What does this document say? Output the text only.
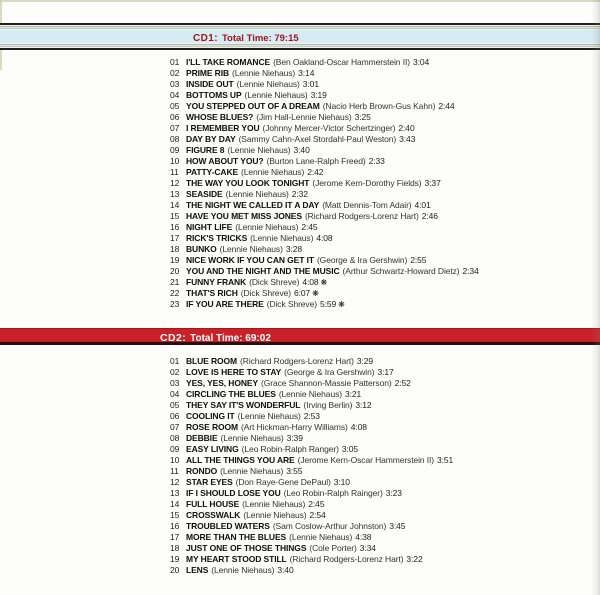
CD1: Total Time: 79:15
01 I'LL TAKE ROMANCE (Ben Oakland-Oscar Hammerstein II) 3:04
02 PRIME RIB (Lennie Niehaus) 3:14
03 INSIDE OUT (Lennie Niehaus) 3:01
04 BOTTOMS UP (Lennie Niehaus) 3:19
05 YOU STEPPED OUT OF A DREAM (Nacio Herb Brown-Gus Kahn) 2:44
06 WHOSE BLUES? (Jim Hall-Lennie Niehaus) 3:25
07 I REMEMBER YOU (Johnny Mercer-Victor Schertzinger) 2:40
08 DAY BY DAY (Sammy Cahn-Axel Stordahl-Paul Weston) 3:43
09 FIGURE 8 (Lennie Niehaus) 3:40
10 HOW ABOUT YOU? (Burton Lane-Ralph Freed) 2:33
11 PATTY-CAKE (Lennie Niehaus) 2:42
12 THE WAY YOU LOOK TONIGHT (Jerome Kern-Dorothy Fields) 3:37
13 SEASIDE (Lennie Niehaus) 2:32
14 THE NIGHT WE CALLED IT A DAY (Matt Dennis-Tom Adair) 4:01
15 HAVE YOU MET MISS JONES (Richard Rodgers-Lorenz Hart) 2:46
16 NIGHT LIFE (Lennie Niehaus) 2:45
17 RICK'S TRICKS (Lennie Niehaus) 4:08
18 BUNKO (Lennie Niehaus) 3:28
19 NICE WORK IF YOU CAN GET IT (George & Ira Gershwin) 2:55
20 YOU AND THE NIGHT AND THE MUSIC (Arthur Schwartz-Howard Dietz) 2:34
21 FUNNY FRANK (Dick Shreve) 4:08 ❋
22 THAT'S RICH (Dick Shreve) 6:07 ❋
23 IF YOU ARE THERE (Dick Shreve) 5:59 ❋
CD2: Total Time: 69:02
01 BLUE ROOM (Richard Rodgers-Lorenz Hart) 3:29
02 LOVE IS HERE TO STAY (George & Ira Gershwin) 3:17
03 YES, YES, HONEY (Grace Shannon-Massie Patterson) 2:52
04 CIRCLING THE BLUES (Lennie Niehaus) 3:21
05 THEY SAY IT'S WONDERFUL (Irving Berlin) 3:12
06 COOLING IT (Lennie Niehaus) 2:53
07 ROSE ROOM (Art Hickman-Harry Williams) 4:08
08 DEBBIE (Lennie Niehaus) 3:39
09 EASY LIVING (Leo Robin-Ralph Ranger) 3:05
10 ALL THE THINGS YOU ARE (Jerome Kern-Oscar Hammerstein II) 3:51
11 RONDO (Lennie Niehaus) 3:55
12 STAR EYES (Don Raye-Gene DePaul) 3:10
13 IF I SHOULD LOSE YOU (Leo Robin-Ralph Rainger) 3:23
14 FULL HOUSE (Lennie Niehaus) 2:45
15 CROSSWALK (Lennie Niehaus) 2:54
16 TROUBLED WATERS (Sam Coslow-Arthur Johnston) 3:45
17 MORE THAN THE BLUES (Lennie Niehaus) 4:38
18 JUST ONE OF THOSE THINGS (Cole Porter) 3:34
19 MY HEART STOOD STILL (Richard Rodgers-Lorenz Hart) 3:22
20 LENS (Lennie Niehaus) 3:40
